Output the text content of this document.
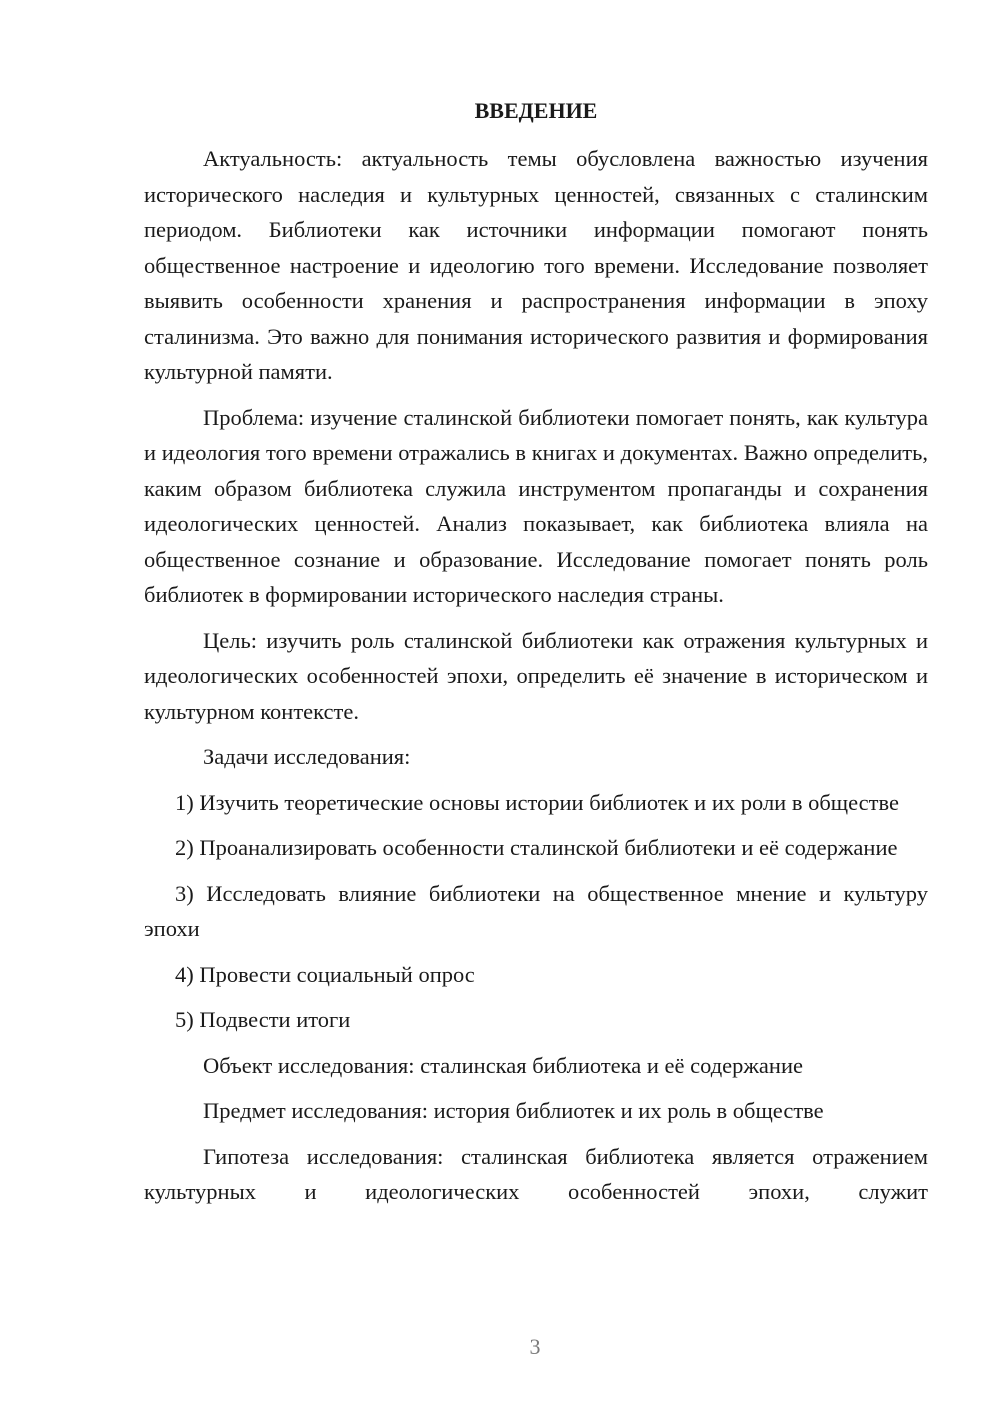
ВВЕДЕНИЕ

Актуальность: актуальность темы обусловлена важностью изучения исторического наследия и культурных ценностей, связанных с сталинским периодом. Библиотеки как источники информации помогают понять общественное настроение и идеологию того времени. Исследование позволяет выявить особенности хранения и распространения информации в эпоху сталинизма. Это важно для понимания исторического развития и формирования культурной памяти.

Проблема: изучение сталинской библиотеки помогает понять, как культура и идеология того времени отражались в книгах и документах. Важно определить, каким образом библиотека служила инструментом пропаганды и сохранения идеологических ценностей. Анализ показывает, как библиотека влияла на общественное сознание и образование. Исследование помогает понять роль библиотек в формировании исторического наследия страны.

Цель: изучить роль сталинской библиотеки как отражения культурных и идеологических особенностей эпохи, определить её значение в историческом и культурном контексте.

Задачи исследования:

1) Изучить теоретические основы истории библиотек и их роли в обществе

2) Проанализировать особенности сталинской библиотеки и её содержание

3) Исследовать влияние библиотеки на общественное мнение и культуру эпохи

4) Провести социальный опрос

5) Подвести итоги

Объект исследования: сталинская библиотека и её содержание

Предмет исследования: история библиотек и их роль в обществе

Гипотеза исследования: сталинская библиотека является отражением культурных и идеологических особенностей эпохи, служит

3
